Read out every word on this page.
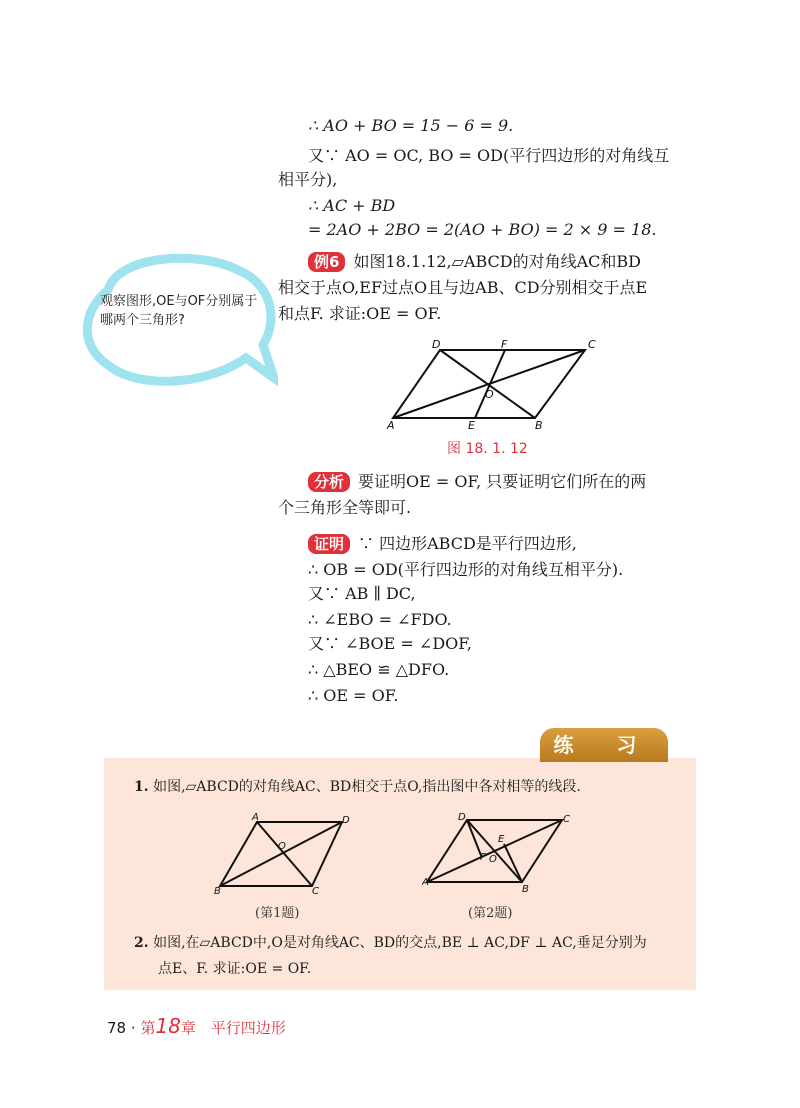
∴ AO + BO = 15 − 6 = 9.
又∵ AO = OC, BO = OD(平行四边形的对角线互
相平分),
∴ AC + BD
= 2AO + 2BO = 2(AO + BO) = 2 × 9 = 18.
例6 如图18.1.12,▱ABCD的对角线AC和BD
相交于点O,EF过点O且与边AB、CD分别相交于点E
和点F. 求证:OE = OF.
观察图形,OE与OF分别属于哪两个三角形?
D	F	C
O
A	E	B
图 18. 1. 12
分析 要证明OE = OF, 只要证明它们所在的两
个三角形全等即可.
证明 ∵ 四边形ABCD是平行四边形,
∴ OB = OD(平行四边形的对角线互相平分).
又∵ AB ∥ DC,
∴ ∠EBO = ∠FDO.
又∵ ∠BOE = ∠DOF,
∴ △BEO ≌ △DFO.
∴ OE = OF.
练 习
1. 如图,▱ABCD的对角线AC、BD相交于点O,指出图中各对相等的线段.
A	D
O
B	C
(第1题)
D	C
E
F O
A
B
(第2题)
2. 如图,在▱ABCD中,O是对角线AC、BD的交点,BE ⊥ AC,DF ⊥ AC,垂足分别为
点E、F. 求证:OE = OF.
78 · 第18章 平行四边形
